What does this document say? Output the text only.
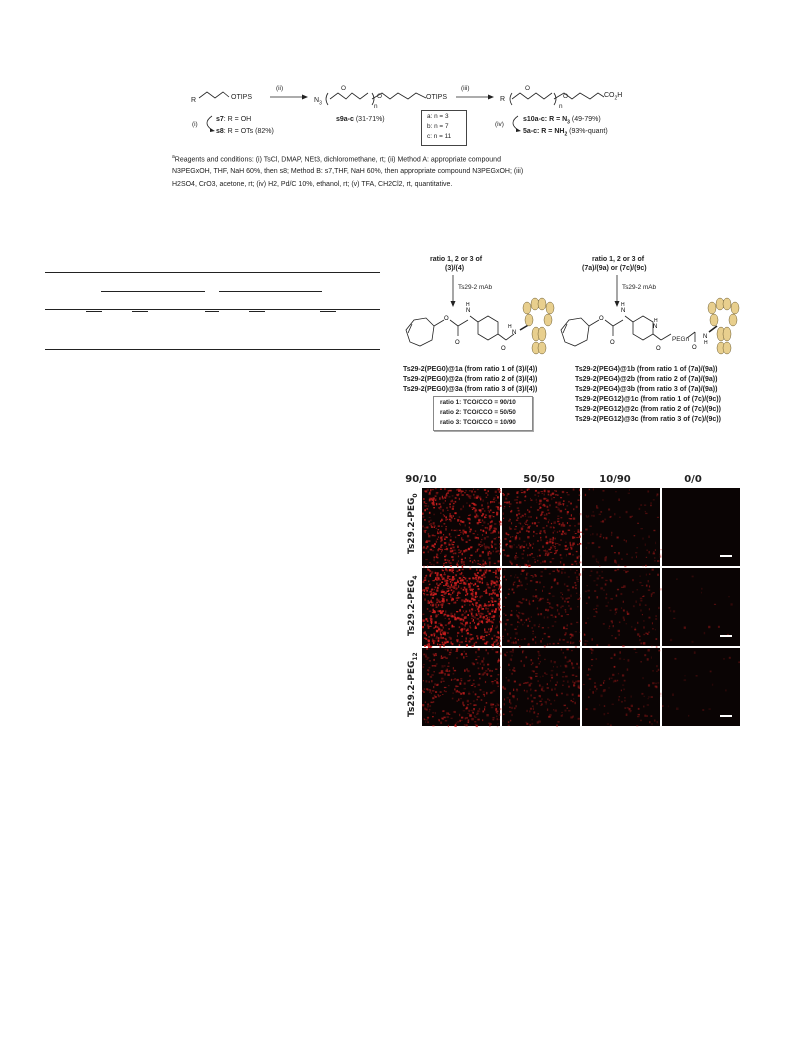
R	OTIPS
(ii)
$N_3$
O
O
n
OTIPS
(iii)
R
O
O
n
$CO_2H$
(i)
s7: R = OH
s8: R = OTs (82%)
s9a-c (31-71%)	a: n = 3
b: n = 7
c: n = 11
(iv)
s10a-c: $R = N_3$ (49-79%)
5a-c: $R = NH_2$ (93%-quant)
$^a$Reagents and conditions: (i) TsCl, DMAP, NEt3, dichloromethane, rt; (ii) Method A: appropriate compound
N3PEGxOH, THF, NaH 60%, then s8; Method B: s7,THF, NaH 60%, then appropriate compound N3PEGxOH; (iii)
H2SO4, CrO3, acetone, rt; (iv) H2, Pd/C 10%, ethanol, rt; (v) TFA, CH2Cl2, rt, quantitative.
ratio 1, 2 or 3 of
(3)/(4)
Ts29-2 mAb
ratio 1, 2 or 3 of
(7a)/(9a) or (7c)/(9c)
Ts29-2 mAb
O
O
N
H
O
N
H
O
O
N
H
O
N
H
O
N
H
PEGn
Ts29-2(PEG0)@1a (from ratio 1 of (3)/(4))
Ts29-2(PEG0)@2a (from ratio 2 of (3)/(4))
Ts29-2(PEG0)@3a (from ratio 3 of (3)/(4))
ratio 1: TCO/CCO = 90/10
ratio 2: TCO/CCO = 50/50
ratio 3: TCO/CCO = 10/90
Ts29-2(PEG4)@1b (from ratio 1 of (7a)/(9a))
Ts29-2(PEG4)@2b (from ratio 2 of (7a)/(9a))
Ts29-2(PEG4)@3b (from ratio 3 of (7a)/(9a))
Ts29-2(PEG12)@1c (from ratio 1 of (7c)/(9c))
Ts29-2(PEG12)@2c (from ratio 2 of (7c)/(9c))
Ts29-2(PEG12)@3c (from ratio 3 of (7c)/(9c))
90/10	50/50	10/90	0/0
$Ts29.2-PEG_0$
$Ts29.2-PEG_4$
$Ts29.2-PEG_{12}$
